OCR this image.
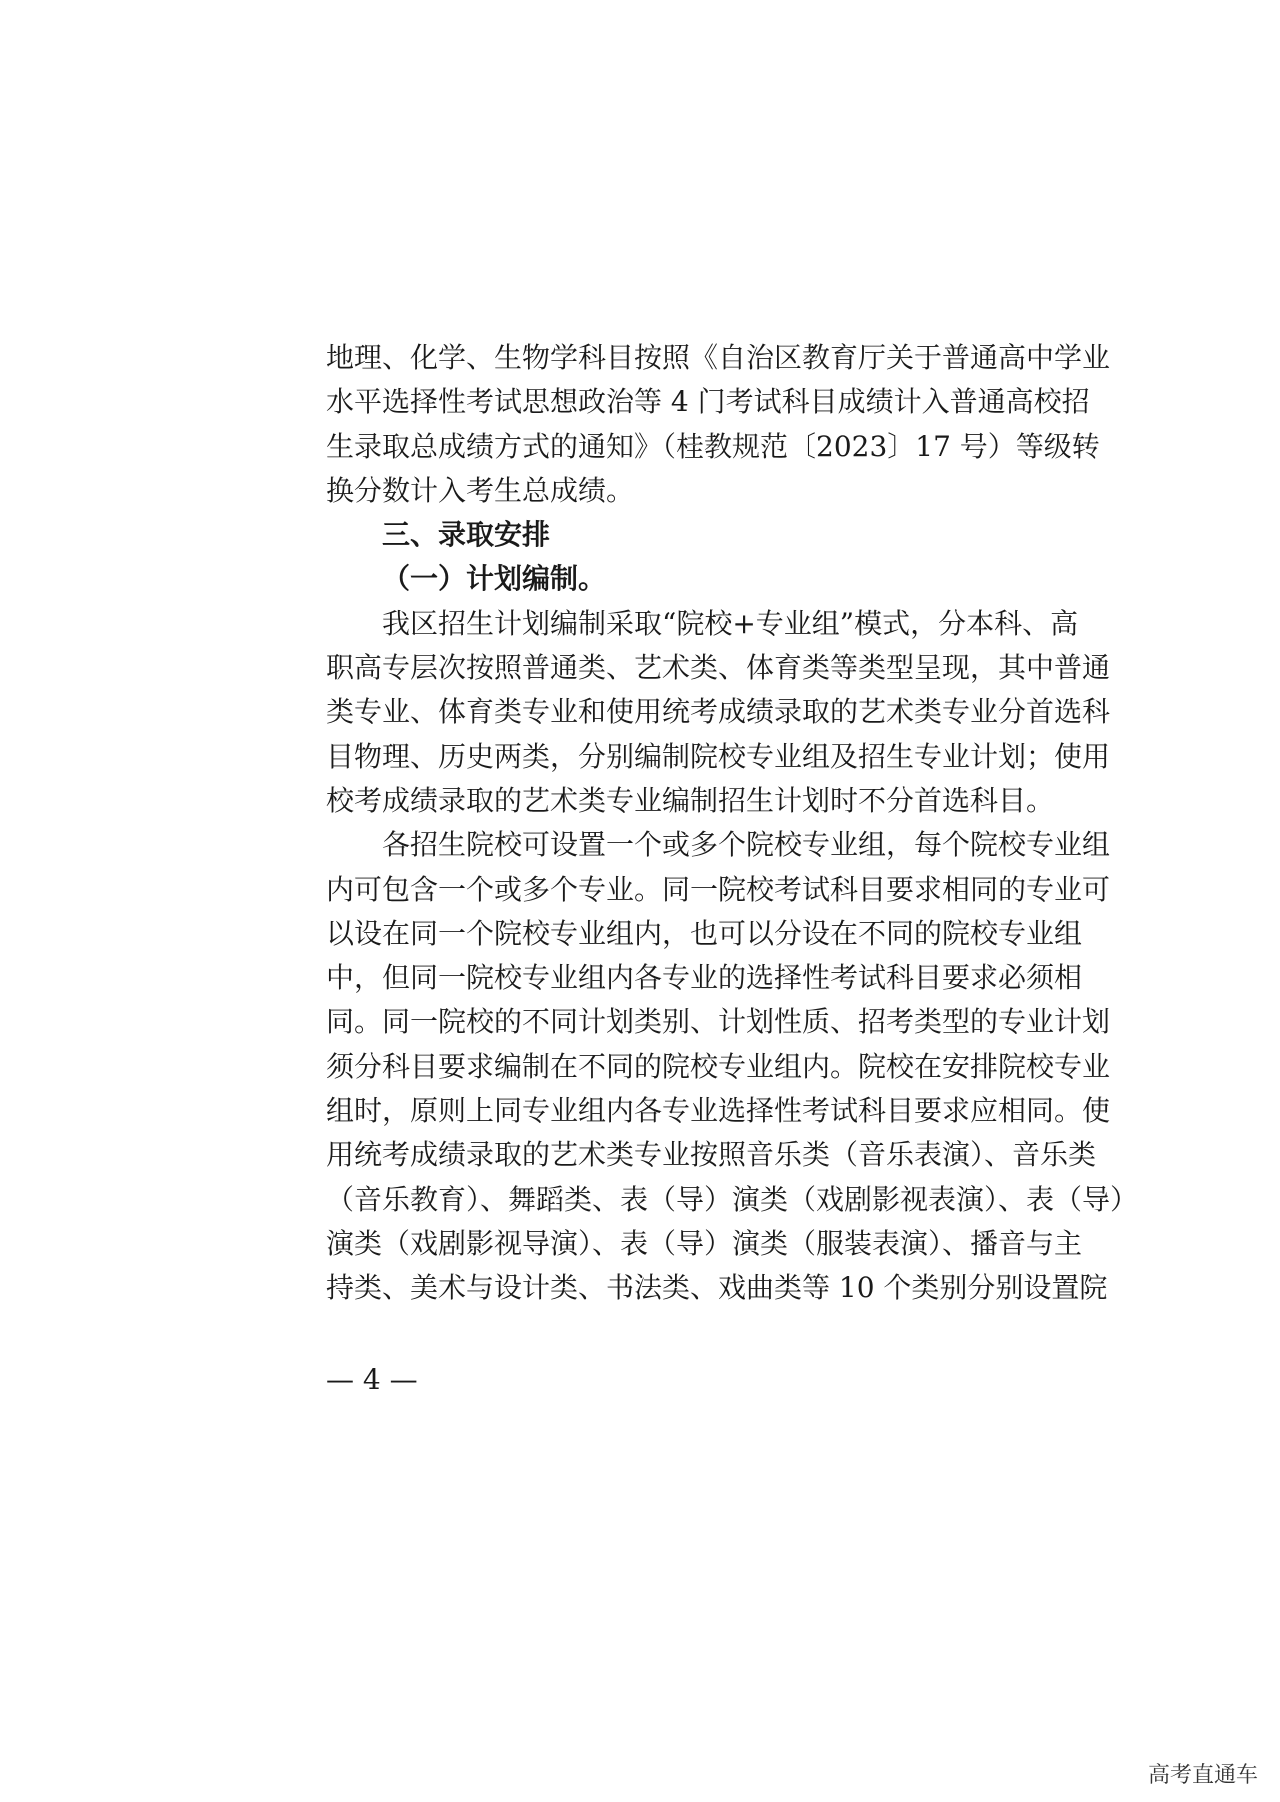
地理、化学、生物学科目按照《自治区教育厅关于普通高中学业
水平选择性考试思想政治等 4 门考试科目成绩计入普通高校招
生录取总成绩方式的通知》（桂教规范〔2023〕17 号）等级转
换分数计入考生总成绩。
三、录取安排
（一）计划编制。
我区招生计划编制采取“院校+专业组”模式，分本科、高
职高专层次按照普通类、艺术类、体育类等类型呈现，其中普通
类专业、体育类专业和使用统考成绩录取的艺术类专业分首选科
目物理、历史两类，分别编制院校专业组及招生专业计划；使用
校考成绩录取的艺术类专业编制招生计划时不分首选科目。
各招生院校可设置一个或多个院校专业组，每个院校专业组
内可包含一个或多个专业。同一院校考试科目要求相同的专业可
以设在同一个院校专业组内，也可以分设在不同的院校专业组
中，但同一院校专业组内各专业的选择性考试科目要求必须相
同。同一院校的不同计划类别、计划性质、招考类型的专业计划
须分科目要求编制在不同的院校专业组内。院校在安排院校专业
组时，原则上同专业组内各专业选择性考试科目要求应相同。使
用统考成绩录取的艺术类专业按照音乐类（音乐表演）、音乐类
（音乐教育）、舞蹈类、表（导）演类（戏剧影视表演）、表（导）
演类（戏剧影视导演）、表（导）演类（服装表演）、播音与主
持类、美术与设计类、书法类、戏曲类等 10 个类别分别设置院
— 4 —
高考直通车
